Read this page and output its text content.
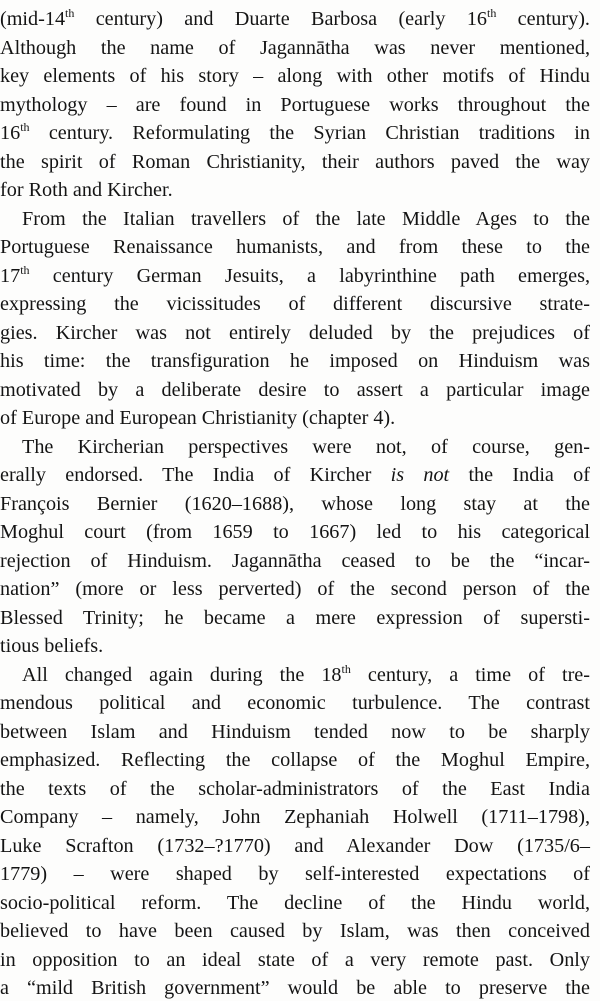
(mid-14th century) and Duarte Barbosa (early 16th century).
Although the name of Jagannātha was never mentioned,
key elements of his story – along with other motifs of Hindu
mythology – are found in Portuguese works throughout the
16th century. Reformulating the Syrian Christian traditions in
the spirit of Roman Christianity, their authors paved the way
for Roth and Kircher.
From the Italian travellers of the late Middle Ages to the
Portuguese Renaissance humanists, and from these to the
17th century German Jesuits, a labyrinthine path emerges,
expressing the vicissitudes of different discursive strate-
gies. Kircher was not entirely deluded by the prejudices of
his time: the transfiguration he imposed on Hinduism was
motivated by a deliberate desire to assert a particular image
of Europe and European Christianity (chapter 4).
The Kircherian perspectives were not, of course, gen-
erally endorsed. The India of Kircher is not the India of
François Bernier (1620–1688), whose long stay at the
Moghul court (from 1659 to 1667) led to his categorical
rejection of Hinduism. Jagannātha ceased to be the “incar-
nation” (more or less perverted) of the second person of the
Blessed Trinity; he became a mere expression of supersti-
tious beliefs.
All changed again during the 18th century, a time of tre-
mendous political and economic turbulence. The contrast
between Islam and Hinduism tended now to be sharply
emphasized. Reflecting the collapse of the Moghul Empire,
the texts of the scholar-administrators of the East India
Company – namely, John Zephaniah Holwell (1711–1798),
Luke Scrafton (1732–?1770) and Alexander Dow (1735/6–
1779) – were shaped by self-interested expectations of
socio-political reform. The decline of the Hindu world,
believed to have been caused by Islam, was then conceived
in opposition to an ideal state of a very remote past. Only
a “mild British government” would be able to preserve the
